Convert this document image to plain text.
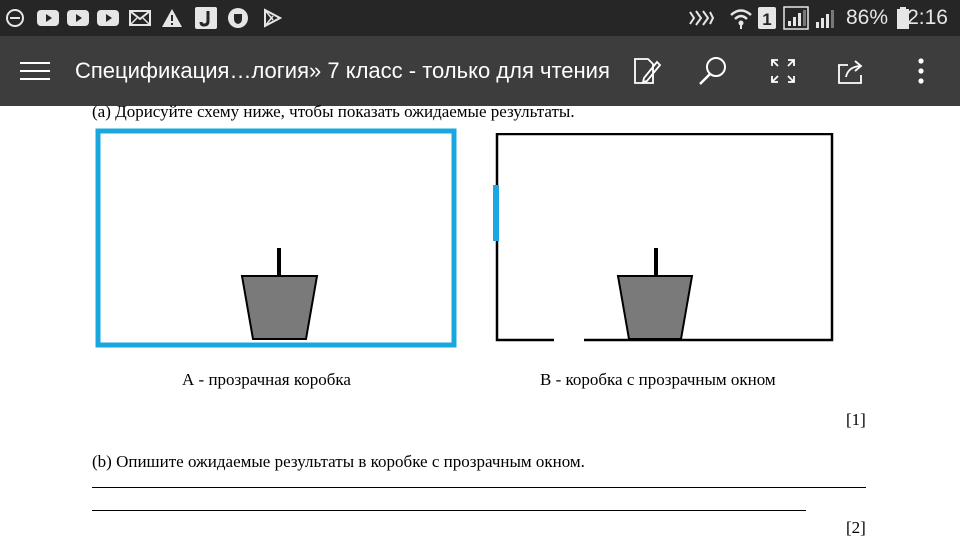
1	86% 12:16
Спецификация…логия» 7 класс - только для чтения
(а) Дорисуйте схему ниже, чтобы показать ожидаемые результаты.
А - прозрачная коробка	В - коробка с прозрачным окном
[1]
(b) Опишите ожидаемые результаты в коробке с прозрачным окном.
[2]
